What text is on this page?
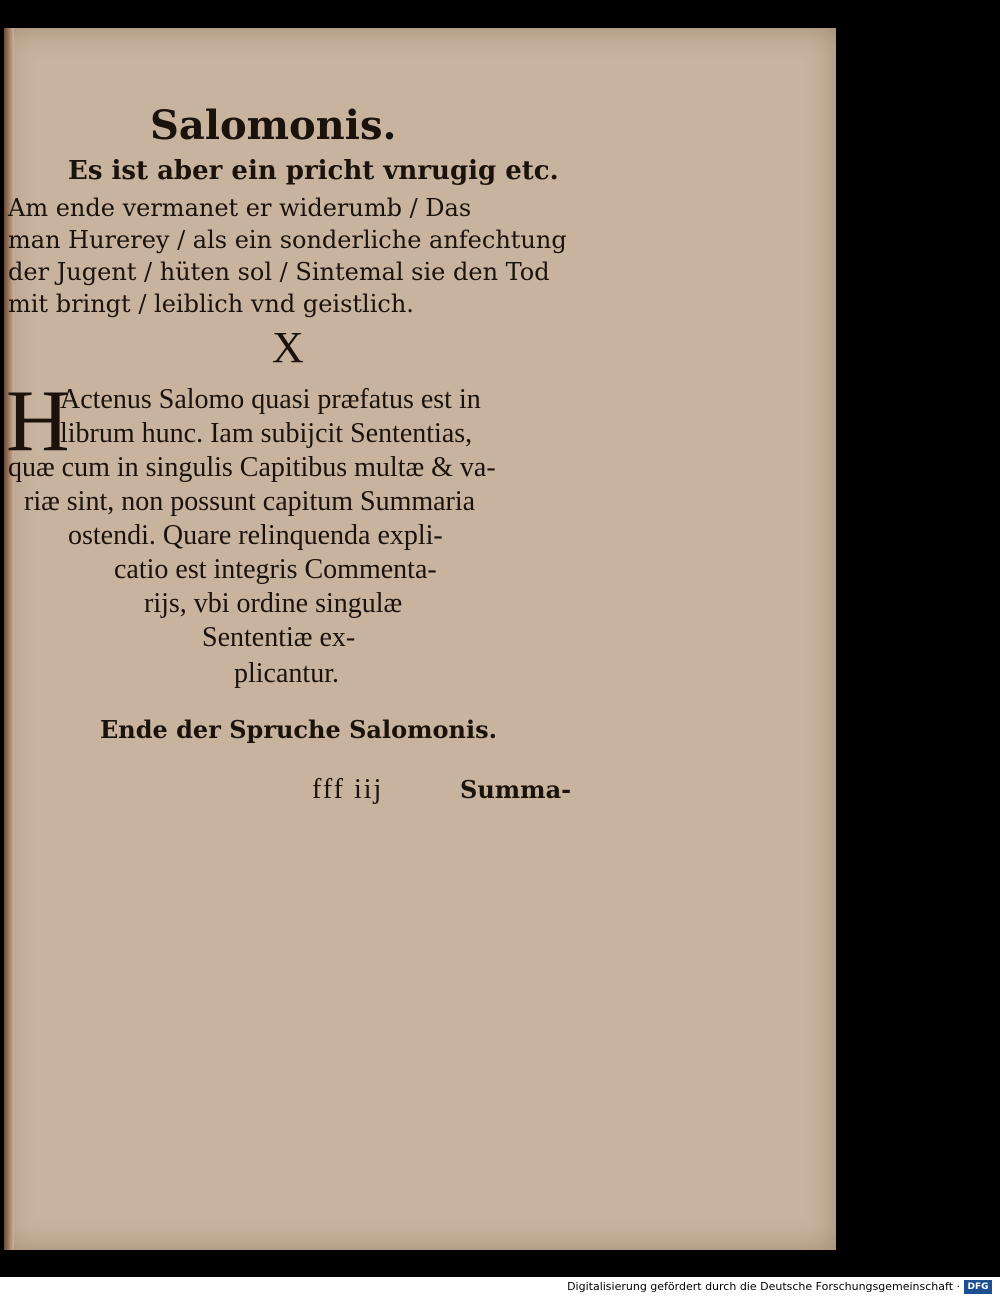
Salomonis.
Es ist aber ein pricht vnrugig etc.
Am ende vermanet er widerumb / Das
man Hurerey / als ein sonderliche anfechtung
der Jugent / hüten sol / Sintemal sie den Tod
mit bringt / leiblich vnd geistlich.
X
H
Actenus Salomo quasi præfatus est in
librum hunc. Iam subijcit Sententias,
quæ cum in singulis Capitibus multæ & va-
riæ sint, non possunt capitum Summaria
ostendi. Quare relinquenda expli-
catio est integris Commenta-
rijs, vbi ordine singulæ
Sententiæ ex-
plicantur.
Ende der Spruche Salomonis.
fff iij	Summa-
Digitalisierung gefördert durch die Deutsche Forschungsgemeinschaft · DFG
